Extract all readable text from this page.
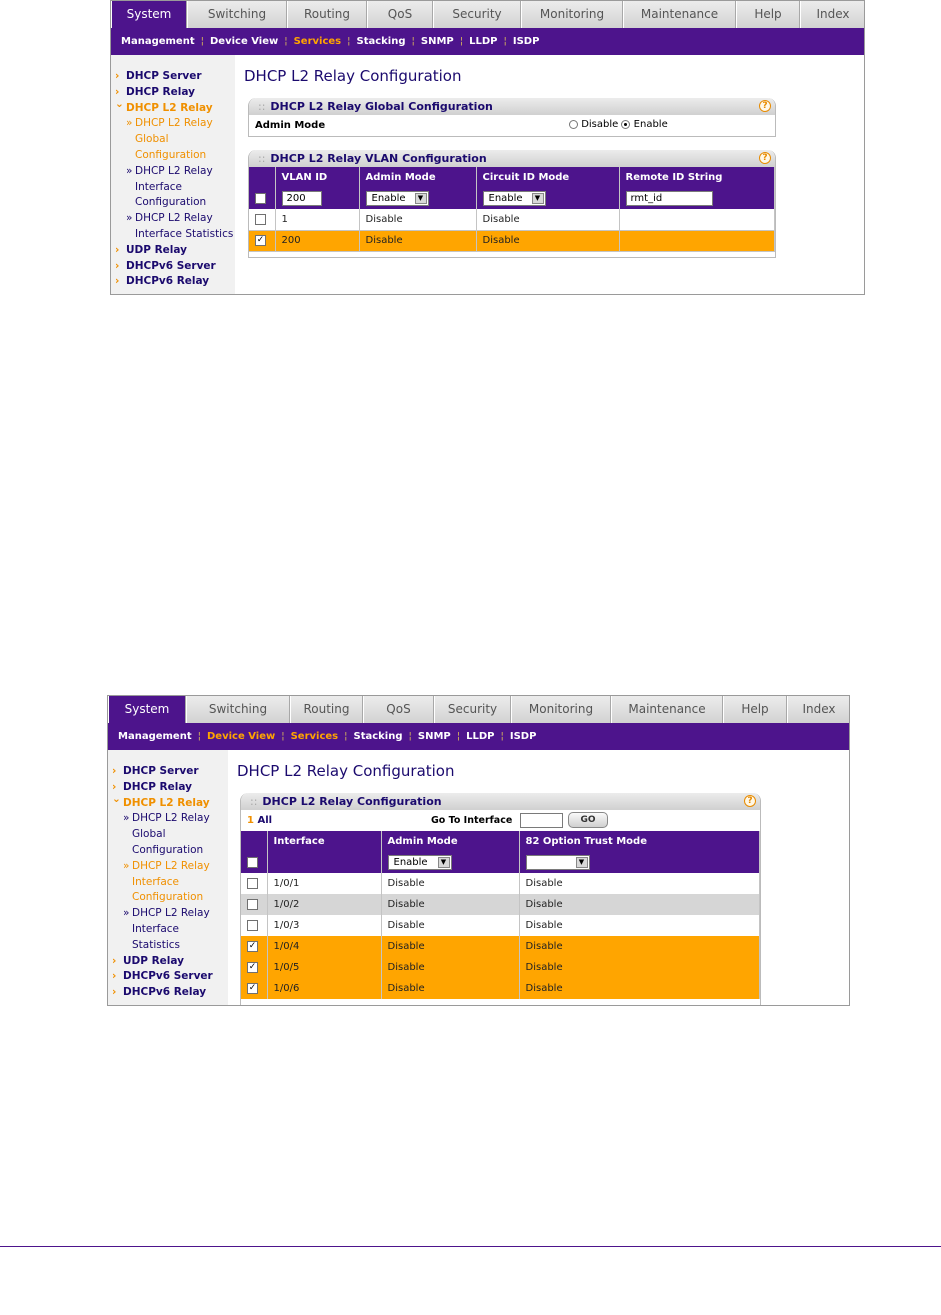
System	Switching	Routing	QoS	Security	Monitoring	Maintenance	Help	Index
Management ¦ Device View ¦ Services ¦ Stacking ¦ SNMP ¦ LLDP ¦ ISDP
› DHCP Server
› DHCP Relay
⌄ DHCP L2 Relay
» DHCP L2 Relay
Global
Configuration
» DHCP L2 Relay
Interface
Configuration
» DHCP L2 Relay
Interface Statistics
› UDP Relay
› DHCPv6 Server
› DHCPv6 Relay
DHCP L2 Relay Configuration
:: DHCP L2 Relay Global Configuration	?
Admin Mode	Disable Enable
:: DHCP L2 Relay VLAN Configuration	?
	VLAN ID	Admin Mode	Circuit ID Mode	Remote ID String
	200	Enable ▼	Enable ▼	rmt_id
	1	Disable	Disable	
✓	200	Disable	Disable	
System	Switching	Routing	QoS	Security	Monitoring	Maintenance	Help	Index
Management ¦ Device View ¦ Services ¦ Stacking ¦ SNMP ¦ LLDP ¦ ISDP
› DHCP Server
› DHCP Relay
⌄ DHCP L2 Relay
» DHCP L2 Relay
Global
Configuration
» DHCP L2 Relay
Interface
Configuration
» DHCP L2 Relay
Interface
Statistics
› UDP Relay
› DHCPv6 Server
› DHCPv6 Relay
DHCP L2 Relay Configuration
:: DHCP L2 Relay Configuration	?
1 All	Go To Interface	GO
	Interface	Admin Mode	82 Option Trust Mode
		Enable ▼	▼

	1/0/1	Disable	Disable
	1/0/2	Disable	Disable
	1/0/3	Disable	Disable
✓	1/0/4	Disable	Disable
✓	1/0/5	Disable	Disable
✓	1/0/6	Disable	Disable
